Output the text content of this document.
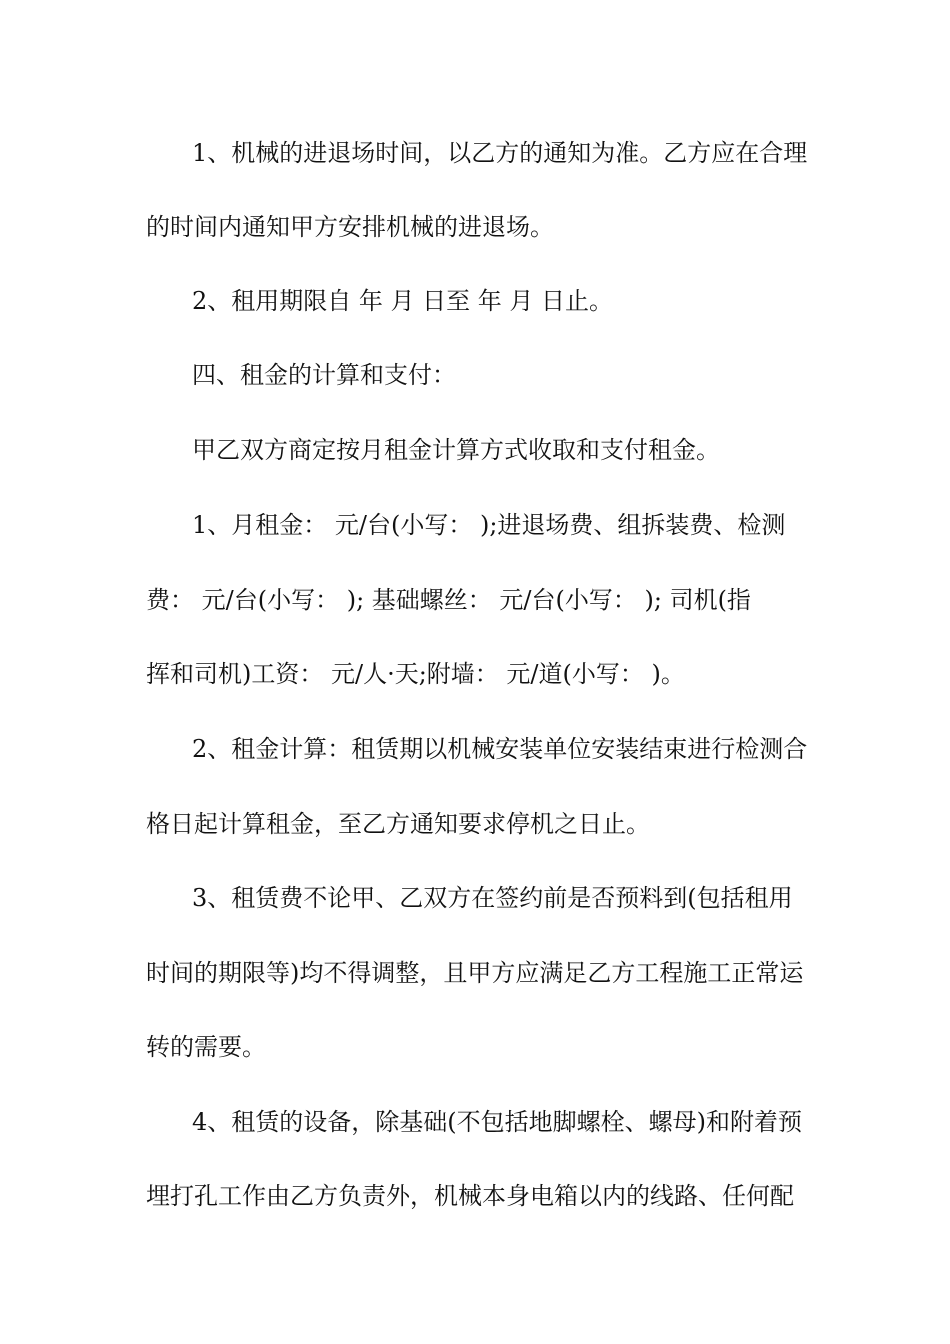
1、机械的进退场时间，以乙方的通知为准。乙方应在合理
的时间内通知甲方安排机械的进退场。
2、租用期限自 年 月 日至 年 月 日止。
四、租金的计算和支付：
甲乙双方商定按月租金计算方式收取和支付租金。
1、月租金： 元/台(小写： );进退场费、组拆装费、检测
费： 元/台(小写： ); 基础螺丝： 元/台(小写： ); 司机(指
挥和司机)工资： 元/人·天;附墙： 元/道(小写： )。
2、租金计算：租赁期以机械安装单位安装结束进行检测合
格日起计算租金，至乙方通知要求停机之日止。
3、租赁费不论甲、乙双方在签约前是否预料到(包括租用
时间的期限等)均不得调整，且甲方应满足乙方工程施工正常运
转的需要。
4、租赁的设备，除基础(不包括地脚螺栓、螺母)和附着预
埋打孔工作由乙方负责外，机械本身电箱以内的线路、任何配
